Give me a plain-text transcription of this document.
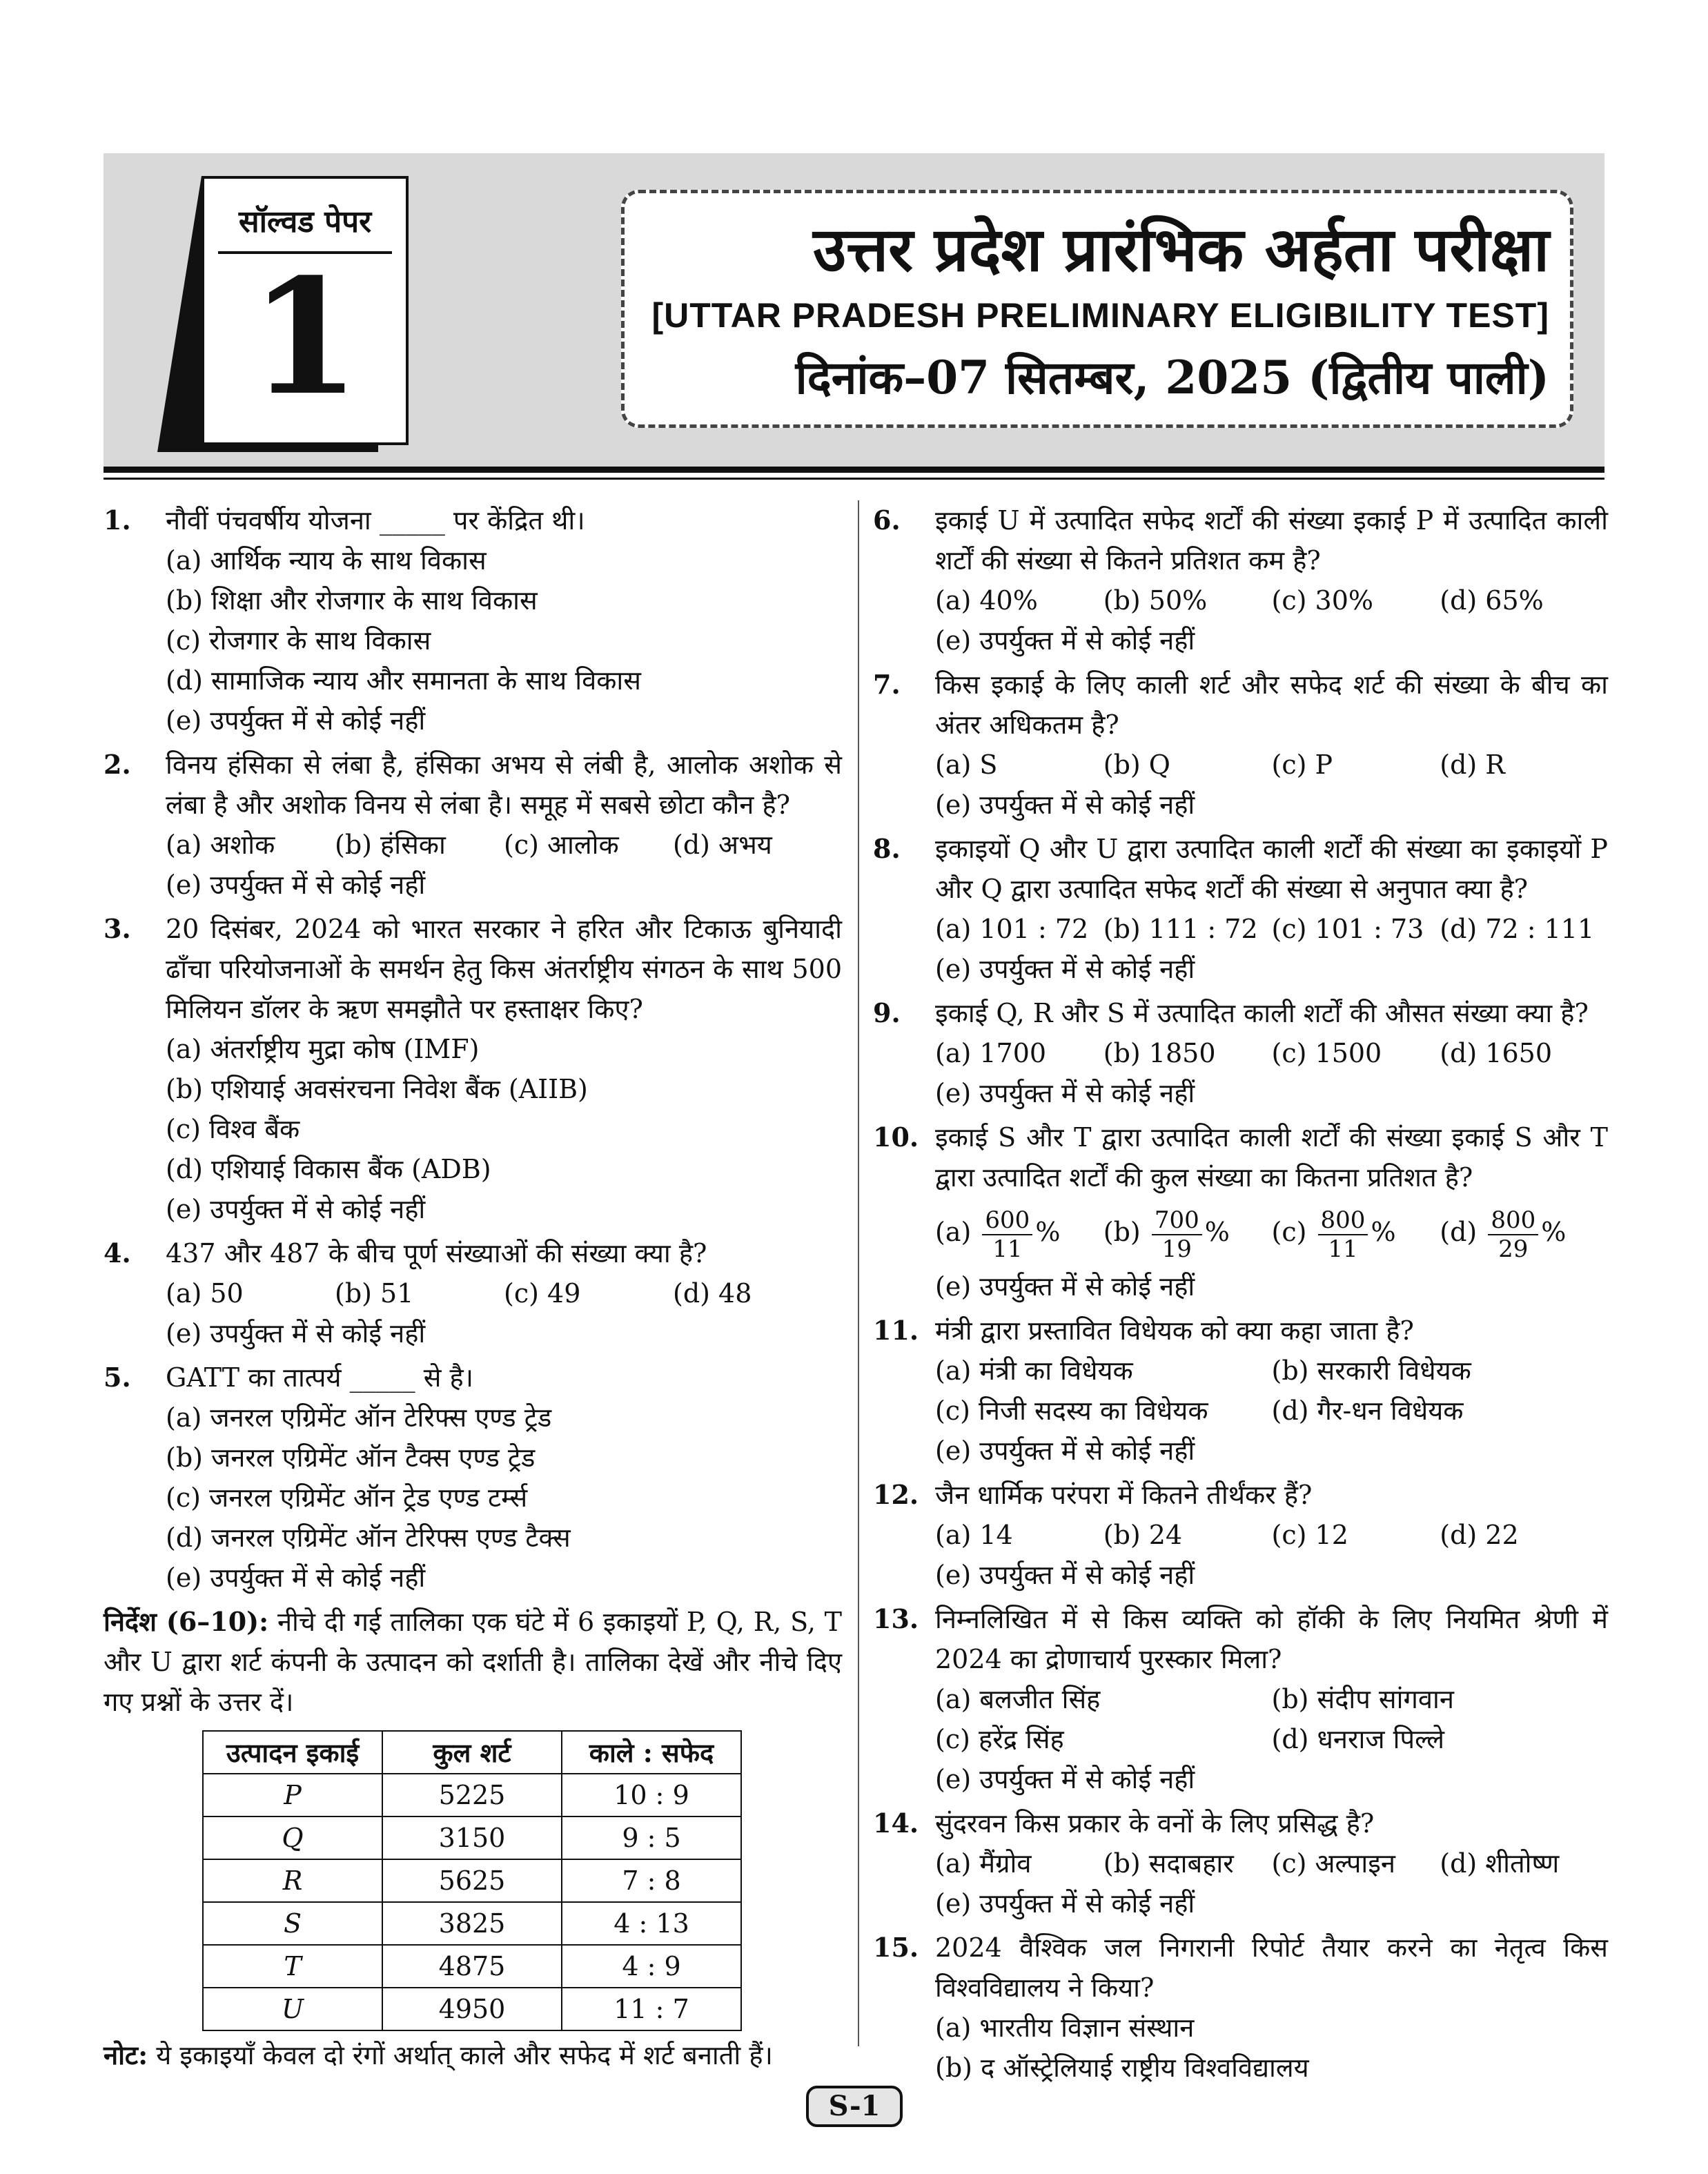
सॉल्वड पेपर
1	उत्तर प्रदेश प्रारंभिक अर्हता परीक्षा
[UTTAR PRADESH PRELIMINARY ELIGIBILITY TEST]
दिनांक–07 सितम्बर, 2025 (द्वितीय पाली)
1. नौवीं पंचवर्षीय योजना _____ पर केंद्रित थी।
(a) आर्थिक न्याय के साथ विकास
(b) शिक्षा और रोजगार के साथ विकास
(c) रोजगार के साथ विकास
(d) सामाजिक न्याय और समानता के साथ विकास
(e) उपर्युक्त में से कोई नहीं
2. विनय हंसिका से लंबा है, हंसिका अभय से लंबी है, आलोक अशोक से लंबा है और अशोक विनय से लंबा है। समूह में सबसे छोटा कौन है?
(a) अशोक	(b) हंसिका	(c) आलोक	(d) अभय
(e) उपर्युक्त में से कोई नहीं
3. 20 दिसंबर, 2024 को भारत सरकार ने हरित और टिकाऊ बुनियादी ढाँचा परियोजनाओं के समर्थन हेतु किस अंतर्राष्ट्रीय संगठन के साथ 500 मिलियन डॉलर के ऋण समझौते पर हस्ताक्षर किए?
(a) अंतर्राष्ट्रीय मुद्रा कोष (IMF)
(b) एशियाई अवसंरचना निवेश बैंक (AIIB)
(c) विश्व बैंक
(d) एशियाई विकास बैंक (ADB)
(e) उपर्युक्त में से कोई नहीं
4. 437 और 487 के बीच पूर्ण संख्याओं की संख्या क्या है?
(a) 50	(b) 51	(c) 49	(d) 48
(e) उपर्युक्त में से कोई नहीं
5. GATT का तात्पर्य _____ से है।
(a) जनरल एग्रिमेंट ऑन टेरिफ्स एण्ड ट्रेड
(b) जनरल एग्रिमेंट ऑन टैक्स एण्ड ट्रेड
(c) जनरल एग्रिमेंट ऑन ट्रेड एण्ड टर्म्स
(d) जनरल एग्रिमेंट ऑन टेरिफ्स एण्ड टैक्स
(e) उपर्युक्त में से कोई नहीं
निर्देश (6–10): नीचे दी गई तालिका एक घंटे में 6 इकाइयों P, Q, R, S, T और U द्वारा शर्ट कंपनी के उत्पादन को दर्शाती है। तालिका देखें और नीचे दिए गए प्रश्नों के उत्तर दें।
उत्पादन इकाई	कुल शर्ट	काले : सफेद
P	5225	10 : 9
Q	3150	9 : 5
R	5625	7 : 8
S	3825	4 : 13
T	4875	4 : 9
U	4950	11 : 7
नोट: ये इकाइयाँ केवल दो रंगों अर्थात् काले और सफेद में शर्ट बनाती हैं।
6. इकाई U में उत्पादित सफेद शर्टों की संख्या इकाई P में उत्पादित काली शर्टों की संख्या से कितने प्रतिशत कम है?
(a) 40%	(b) 50%	(c) 30%	(d) 65%
(e) उपर्युक्त में से कोई नहीं
7. किस इकाई के लिए काली शर्ट और सफेद शर्ट की संख्या के बीच का अंतर अधिकतम है?
(a) S	(b) Q	(c) P	(d) R
(e) उपर्युक्त में से कोई नहीं
8. इकाइयों Q और U द्वारा उत्पादित काली शर्टों की संख्या का इकाइयों P और Q द्वारा उत्पादित सफेद शर्टों की संख्या से अनुपात क्या है?
(a) 101 : 72 (b) 111 : 72 (c) 101 : 73 (d) 72 : 111
(e) उपर्युक्त में से कोई नहीं
9. इकाई Q, R और S में उत्पादित काली शर्टों की औसत संख्या क्या है?
(a) 1700	(b) 1850	(c) 1500	(d) 1650
(e) उपर्युक्त में से कोई नहीं
10. इकाई S और T द्वारा उत्पादित काली शर्टों की संख्या इकाई S और T द्वारा उत्पादित शर्टों की कुल संख्या का कितना प्रतिशत है?
$(a) \frac{600}{11}$ %	$(b) \frac{700}{19}$ %	$(c) \frac{800}{11}$ %	$(d) \frac{800}{29}$ %
(e) उपर्युक्त में से कोई नहीं
11. मंत्री द्वारा प्रस्तावित विधेयक को क्या कहा जाता है?
(a) मंत्री का विधेयक	(b) सरकारी विधेयक
(c) निजी सदस्य का विधेयक	(d) गैर-धन विधेयक
(e) उपर्युक्त में से कोई नहीं
12. जैन धार्मिक परंपरा में कितने तीर्थंकर हैं?
(a) 14	(b) 24	(c) 12	(d) 22
(e) उपर्युक्त में से कोई नहीं
13. निम्नलिखित में से किस व्यक्ति को हॉकी के लिए नियमित श्रेणी में 2024 का द्रोणाचार्य पुरस्कार मिला?
(a) बलजीत सिंह	(b) संदीप सांगवान
(c) हरेंद्र सिंह	(d) धनराज पिल्ले
(e) उपर्युक्त में से कोई नहीं
14. सुंदरवन किस प्रकार के वनों के लिए प्रसिद्ध है?
(a) मैंग्रोव	(b) सदाबहार	(c) अल्पाइन	(d) शीतोष्ण
(e) उपर्युक्त में से कोई नहीं
15. 2024 वैश्विक जल निगरानी रिपोर्ट तैयार करने का नेतृत्व किस विश्वविद्यालय ने किया?
(a) भारतीय विज्ञान संस्थान
(b) द ऑस्ट्रेलियाई राष्ट्रीय विश्वविद्यालय
S-1
